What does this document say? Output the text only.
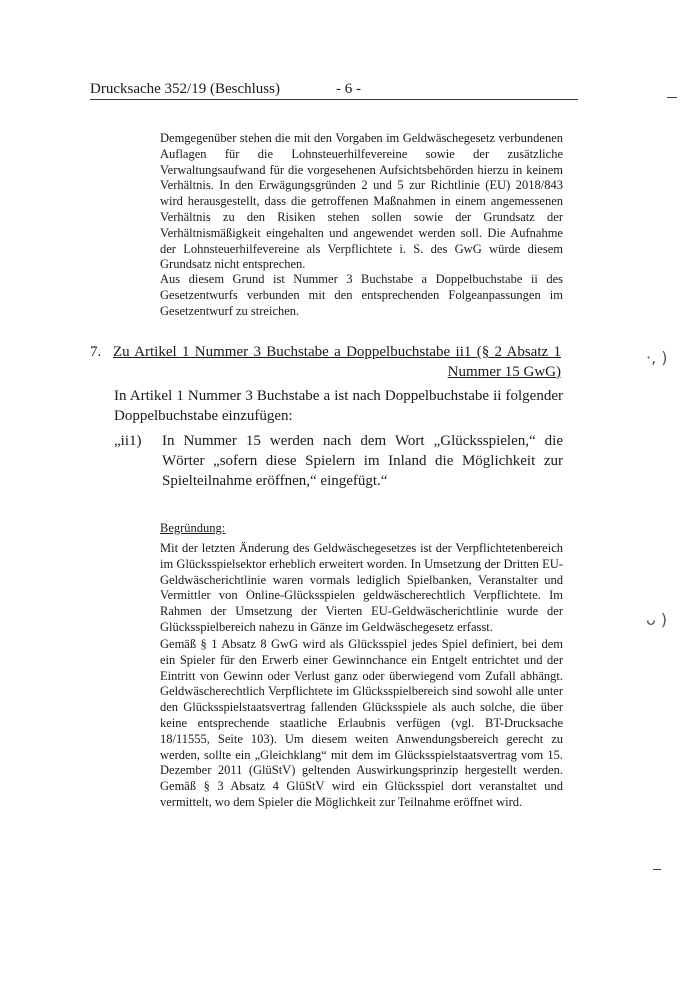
Drucksache 352/19 (Beschluss)	- 6 -

Demgegenüber stehen die mit den Vorgaben im Geldwäschegesetz verbundenen Auflagen für die Lohnsteuerhilfevereine sowie der zusätzliche Verwaltungsaufwand für die vorgesehenen Aufsichtsbehörden hierzu in keinem Verhältnis. In den Erwägungsgründen 2 und 5 zur Richtlinie (EU) 2018/843 wird herausgestellt, dass die getroffenen Maßnahmen in einem angemessenen Verhältnis zu den Risiken stehen sollen sowie der Grundsatz der Verhältnismäßigkeit eingehalten und angewendet werden soll. Die Aufnahme der Lohnsteuerhilfevereine als Verpflichtete i. S. des GwG würde diesem Grundsatz nicht entsprechen.

Aus diesem Grund ist Nummer 3 Buchstabe a Doppelbuchstabe ii des Gesetzentwurfs verbunden mit den entsprechenden Folgeanpassungen im Gesetzentwurf zu streichen.

7. Zu Artikel 1 Nummer 3 Buchstabe a Doppelbuchstabe ii1 (§ 2 Absatz 1
Nummer 15 GwG)
In Artikel 1 Nummer 3 Buchstabe a ist nach Doppelbuchstabe ii folgender Doppelbuchstabe einzufügen:
„ii1) In Nummer 15 werden nach dem Wort „Glücksspielen,“ die Wörter „sofern diese Spielern im Inland die Möglichkeit zur Spielteilnahme eröffnen,“ eingefügt.“
Begründung:

Mit der letzten Änderung des Geldwäschegesetzes ist der Verpflichtetenbereich im Glücksspielsektor erheblich erweitert worden. In Umsetzung der Dritten EU-Geldwäscherichtlinie waren vormals lediglich Spielbanken, Veranstalter und Vermittler von Online-Glücksspielen geldwäscherechtlich Verpflichtete. Im Rahmen der Umsetzung der Vierten EU-Geldwäscherichtlinie wurde der Glücksspielbereich nahezu in Gänze im Geldwäschegesetz erfasst.

Gemäß § 1 Absatz 8 GwG wird als Glücksspiel jedes Spiel definiert, bei dem ein Spieler für den Erwerb einer Gewinnchance ein Entgelt entrichtet und der Eintritt von Gewinn oder Verlust ganz oder überwiegend vom Zufall abhängt. Geldwäscherechtlich Verpflichtete im Glücksspielbereich sind sowohl alle unter den Glücksspielstaatsvertrag fallenden Glücksspiele als auch solche, die über keine entsprechende staatliche Erlaubnis verfügen (vgl. BT-Drucksache 18/11555, Seite 103). Um diesem weiten Anwendungsbereich gerecht zu werden, sollte ein „Gleichklang“ mit dem im Glücksspielstaatsvertrag vom 15. Dezember 2011 (GlüStV) geltenden Auswirkungsprinzip hergestellt werden. Gemäß § 3 Absatz 4 GlüStV wird ein Glücksspiel dort veranstaltet und vermittelt, wo dem Spieler die Möglichkeit zur Teilnahme eröffnet wird.

·, )
ᴗ )
